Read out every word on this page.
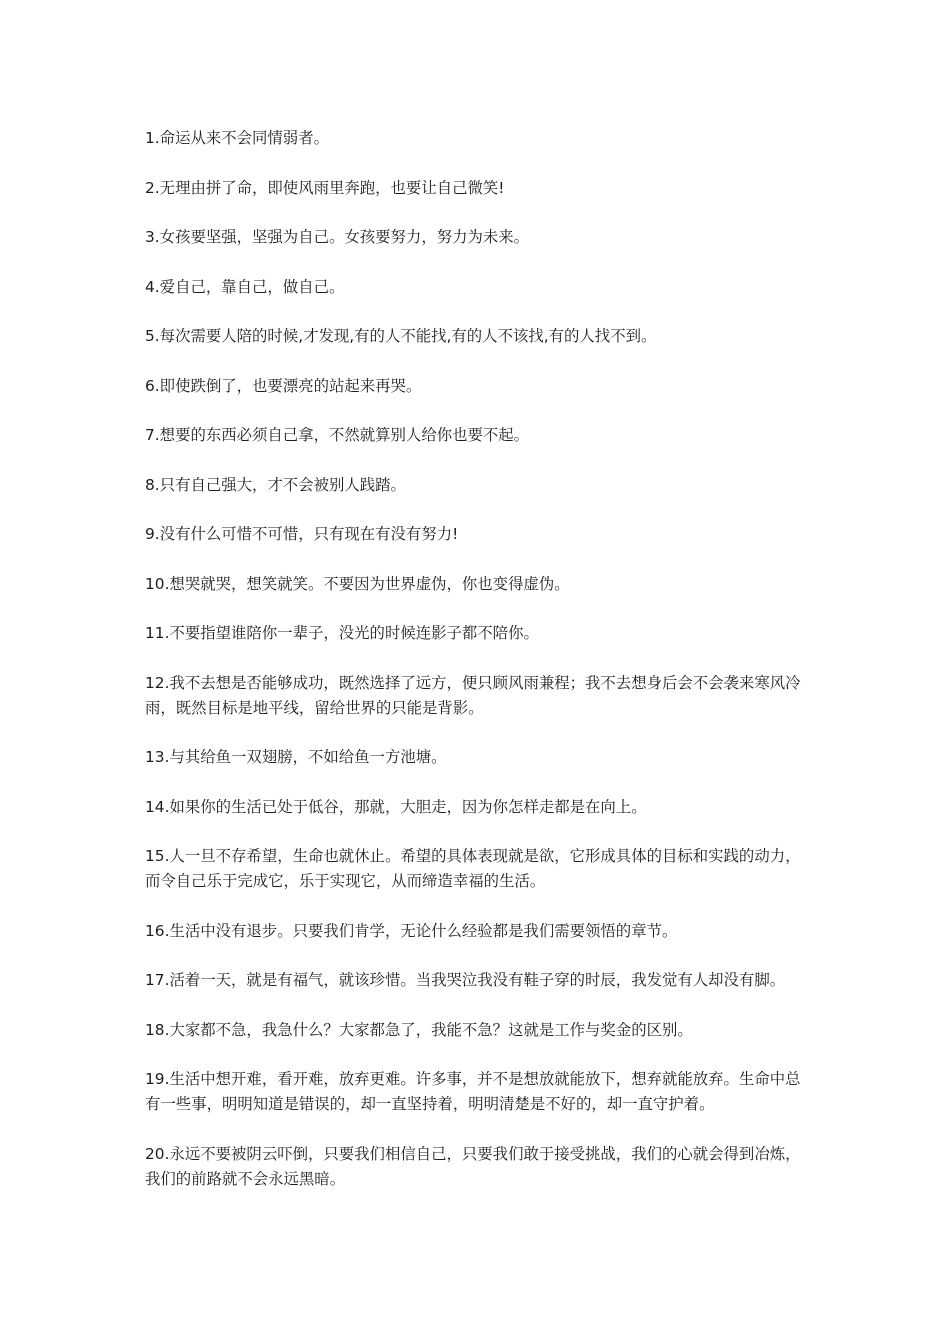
1.命运从来不会同情弱者。

2.无理由拼了命，即使风雨里奔跑，也要让自己微笑!

3.女孩要坚强，坚强为自己。女孩要努力，努力为未来。

4.爱自己，靠自己，做自己。

5.每次需要人陪的时候,才发现,有的人不能找,有的人不该找,有的人找不到。

6.即使跌倒了，也要漂亮的站起来再哭。

7.想要的东西必须自己拿，不然就算别人给你也要不起。

8.只有自己强大，才不会被别人践踏。

9.没有什么可惜不可惜，只有现在有没有努力!

10.想哭就哭，想笑就笑。不要因为世界虚伪，你也变得虚伪。

11.不要指望谁陪你一辈子，没光的时候连影子都不陪你。

12.我不去想是否能够成功，既然选择了远方，便只顾风雨兼程；我不去想身后会不会袭来寒风冷雨，既然目标是地平线，留给世界的只能是背影。

13.与其给鱼一双翅膀，不如给鱼一方池塘。

14.如果你的生活已处于低谷，那就，大胆走，因为你怎样走都是在向上。

15.人一旦不存希望，生命也就休止。希望的具体表现就是欲，它形成具体的目标和实践的动力，而令自己乐于完成它，乐于实现它，从而缔造幸福的生活。

16.生活中没有退步。只要我们肯学，无论什么经验都是我们需要领悟的章节。

17.活着一天，就是有福气，就该珍惜。当我哭泣我没有鞋子穿的时辰，我发觉有人却没有脚。

18.大家都不急，我急什么？大家都急了，我能不急？这就是工作与奖金的区别。

19.生活中想开难，看开难，放弃更难。许多事，并不是想放就能放下，想弃就能放弃。生命中总有一些事，明明知道是错误的，却一直坚持着，明明清楚是不好的，却一直守护着。

20.永远不要被阴云吓倒，只要我们相信自己，只要我们敢于接受挑战，我们的心就会得到冶炼，我们的前路就不会永远黑暗。
